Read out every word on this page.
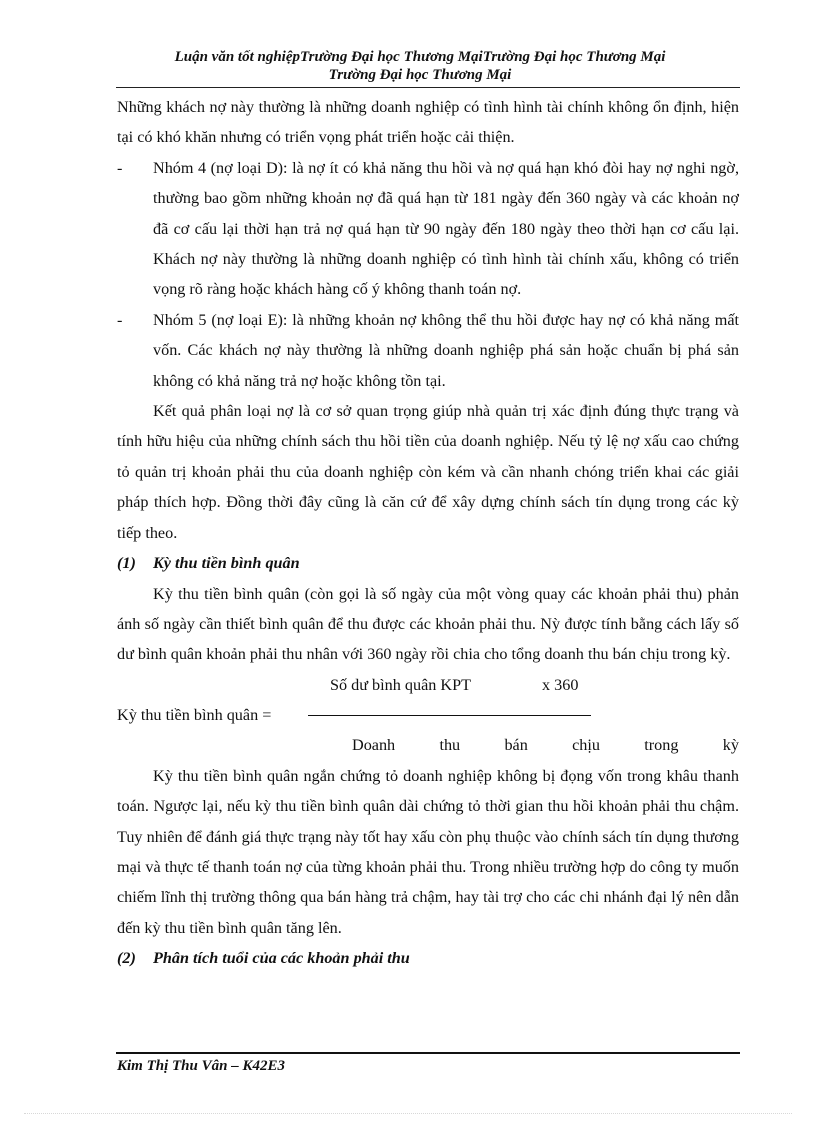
Luận văn tốt nghiệpTrường Đại học Thương MạiTrường Đại học Thương Mại
Trường Đại học Thương Mại

Những khách nợ này thường là những doanh nghiệp có tình hình tài chính không ổn định, hiện tại có khó khăn nhưng có triển vọng phát triển hoặc cải thiện.

-	Nhóm 4 (nợ loại D): là nợ ít có khả năng thu hồi và nợ quá hạn khó đòi hay nợ nghi ngờ, thường bao gồm những khoản nợ đã quá hạn từ 181 ngày đến 360 ngày và các khoản nợ đã cơ cấu lại thời hạn trả nợ quá hạn từ 90 ngày đến 180 ngày theo thời hạn cơ cấu lại. Khách nợ này thường là những doanh nghiệp có tình hình tài chính xấu, không có triển vọng rõ ràng hoặc khách hàng cố ý không thanh toán nợ.
-	Nhóm 5 (nợ loại E): là những khoản nợ không thể thu hồi được hay nợ có khả năng mất vốn. Các khách nợ này thường là những doanh nghiệp phá sản hoặc chuẩn bị phá sản không có khả năng trả nợ hoặc không tồn tại.

Kết quả phân loại nợ là cơ sở quan trọng giúp nhà quản trị xác định đúng thực trạng và tính hữu hiệu của những chính sách thu hồi tiền của doanh nghiệp. Nếu tỷ lệ nợ xấu cao chứng tỏ quản trị khoản phải thu của doanh nghiệp còn kém và cần nhanh chóng triển khai các giải pháp thích hợp. Đồng thời đây cũng là căn cứ để xây dựng chính sách tín dụng trong các kỳ tiếp theo.

(1) Kỳ thu tiền bình quân

Kỳ thu tiền bình quân (còn gọi là số ngày của một vòng quay các khoản phải thu) phản ánh số ngày cần thiết bình quân để thu được các khoản phải thu. Nỳ được tính bằng cách lấy số dư bình quân khoản phải thu nhân với 360 ngày rồi chia cho tổng doanh thu bán chịu trong kỳ.

Số dư bình quân KPT	x 360
Kỳ thu tiền bình quân =
Doanh	thu	bán	chịu	trong	kỳ

Kỳ thu tiền bình quân ngắn chứng tỏ doanh nghiệp không bị đọng vốn trong khâu thanh toán. Ngược lại, nếu kỳ thu tiền bình quân dài chứng tỏ thời gian thu hồi khoản phải thu chậm. Tuy nhiên để đánh giá thực trạng này tốt hay xấu còn phụ thuộc vào chính sách tín dụng thương mại và thực tế thanh toán nợ của từng khoản phải thu. Trong nhiều trường hợp do công ty muốn chiếm lĩnh thị trường thông qua bán hàng trả chậm, hay tài trợ cho các chi nhánh đại lý nên dẫn đến kỳ thu tiền bình quân tăng lên.

(2) Phân tích tuổi của các khoản phải thu

Kim Thị Thu Vân – K42E3
